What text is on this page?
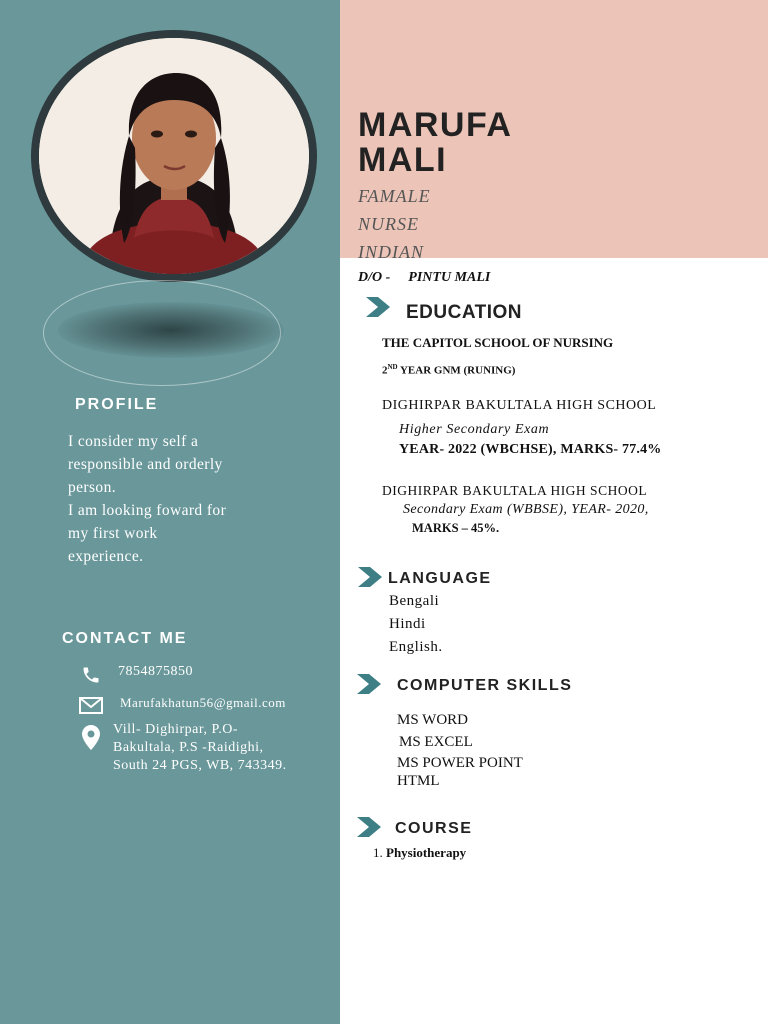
PROFILE
I consider my self a
responsible and orderly
person.
I am looking foward for
my first work
experience.
CONTACT ME
7854875850
Marufakhatun56@gmail.com
Vill- Dighirpar, P.O-
Bakultala, P.S -Raidighi,
South 24 PGS, WB, 743349.
MARUFA
MALI
FAMALE
NURSE
INDIAN
D/O - PINTU MALI
EDUCATION
THE CAPITOL SCHOOL OF NURSING
2ND YEAR GNM (RUNING)
DIGHIRPAR BAKULTALA HIGH SCHOOL
Higher Secondary Exam
YEAR- 2022 (WBCHSE), MARKS- 77.4%
DIGHIRPAR BAKULTALA HIGH SCHOOL
Secondary Exam (WBBSE), YEAR- 2020,
MARKS – 45%.
LANGUAGE
Bengali
Hindi
English.
COMPUTER SKILLS
MS WORD
MS EXCEL
MS POWER POINT
HTML
COURSE
1. Physiotherapy
